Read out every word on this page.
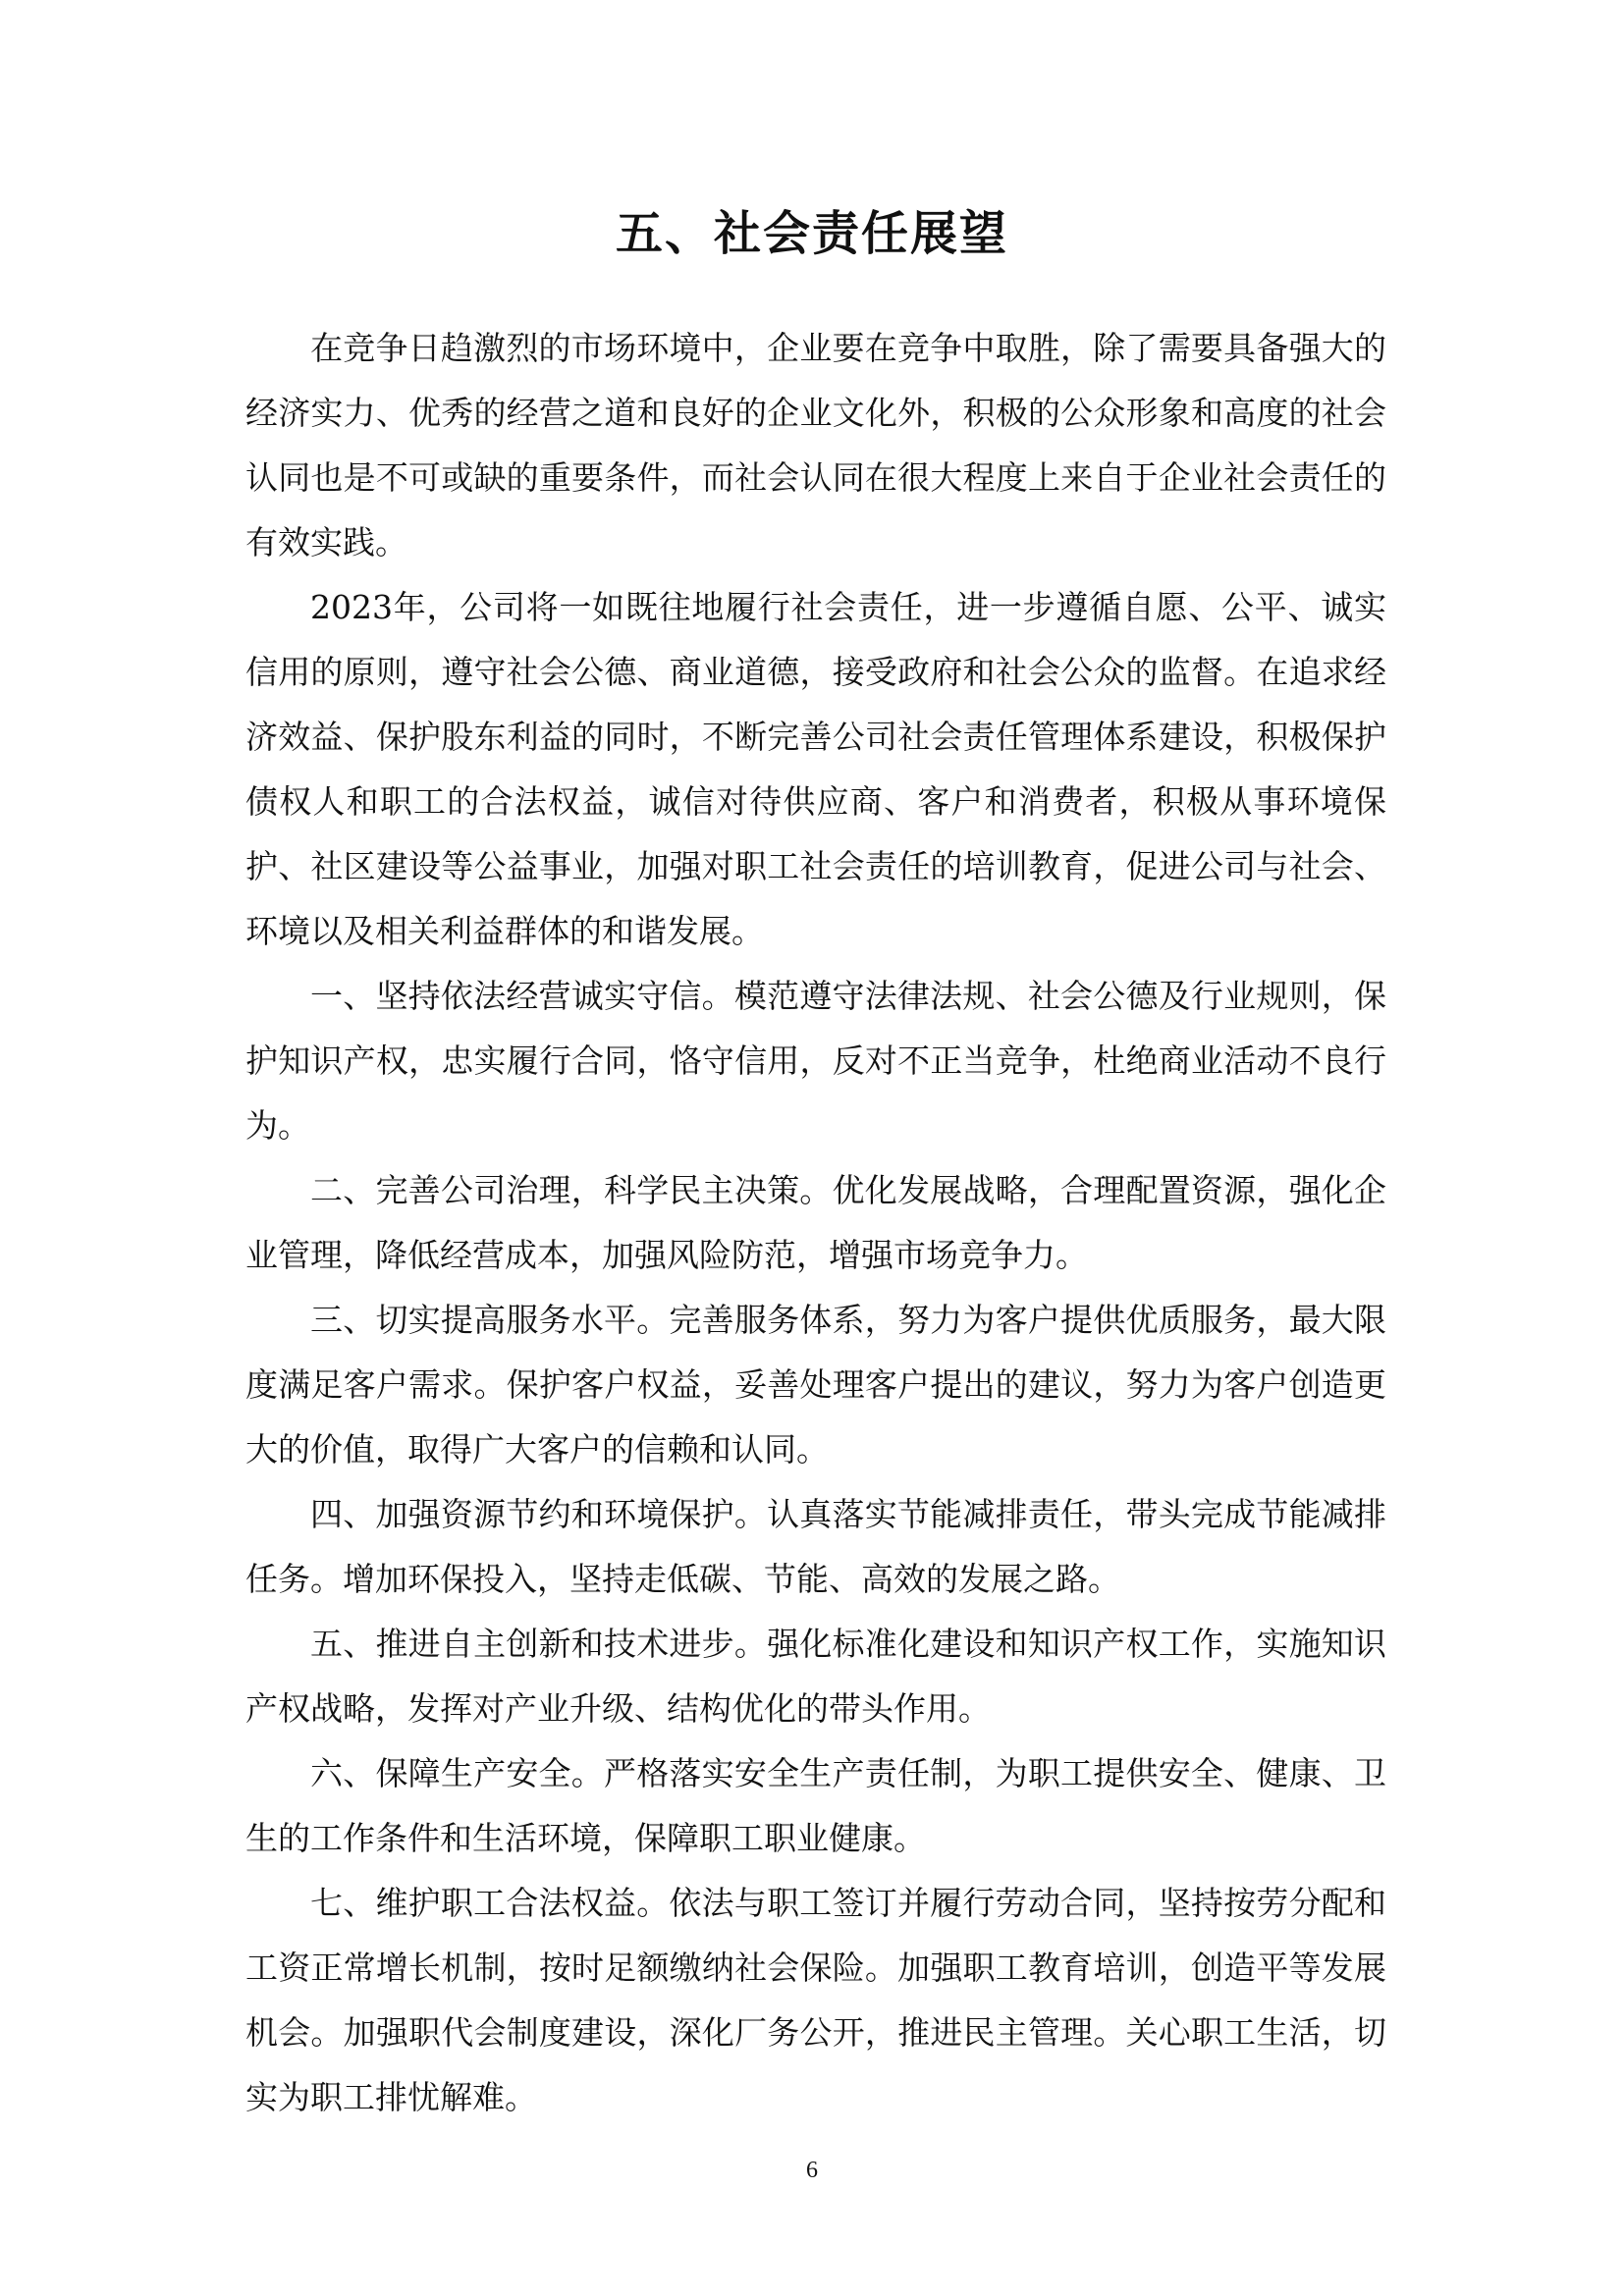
五、社会责任展望

在竞争日趋激烈的市场环境中，企业要在竞争中取胜，除了需要具备强大的经济实力、优秀的经营之道和良好的企业文化外，积极的公众形象和高度的社会认同也是不可或缺的重要条件，而社会认同在很大程度上来自于企业社会责任的有效实践。

2023年，公司将一如既往地履行社会责任，进一步遵循自愿、公平、诚实信用的原则，遵守社会公德、商业道德，接受政府和社会公众的监督。在追求经济效益、保护股东利益的同时，不断完善公司社会责任管理体系建设，积极保护债权人和职工的合法权益，诚信对待供应商、客户和消费者，积极从事环境保护、社区建设等公益事业，加强对职工社会责任的培训教育，促进公司与社会、环境以及相关利益群体的和谐发展。

一、坚持依法经营诚实守信。模范遵守法律法规、社会公德及行业规则，保护知识产权，忠实履行合同，恪守信用，反对不正当竞争，杜绝商业活动不良行为。

二、完善公司治理，科学民主决策。优化发展战略，合理配置资源，强化企业管理，降低经营成本，加强风险防范，增强市场竞争力。

三、切实提高服务水平。完善服务体系，努力为客户提供优质服务，最大限度满足客户需求。保护客户权益，妥善处理客户提出的建议，努力为客户创造更大的价值，取得广大客户的信赖和认同。

四、加强资源节约和环境保护。认真落实节能减排责任，带头完成节能减排任务。增加环保投入，坚持走低碳、节能、高效的发展之路。

五、推进自主创新和技术进步。强化标准化建设和知识产权工作，实施知识产权战略，发挥对产业升级、结构优化的带头作用。

六、保障生产安全。严格落实安全生产责任制，为职工提供安全、健康、卫生的工作条件和生活环境，保障职工职业健康。

七、维护职工合法权益。依法与职工签订并履行劳动合同，坚持按劳分配和工资正常增长机制，按时足额缴纳社会保险。加强职工教育培训，创造平等发展机会。加强职代会制度建设，深化厂务公开，推进民主管理。关心职工生活，切实为职工排忧解难。

6
